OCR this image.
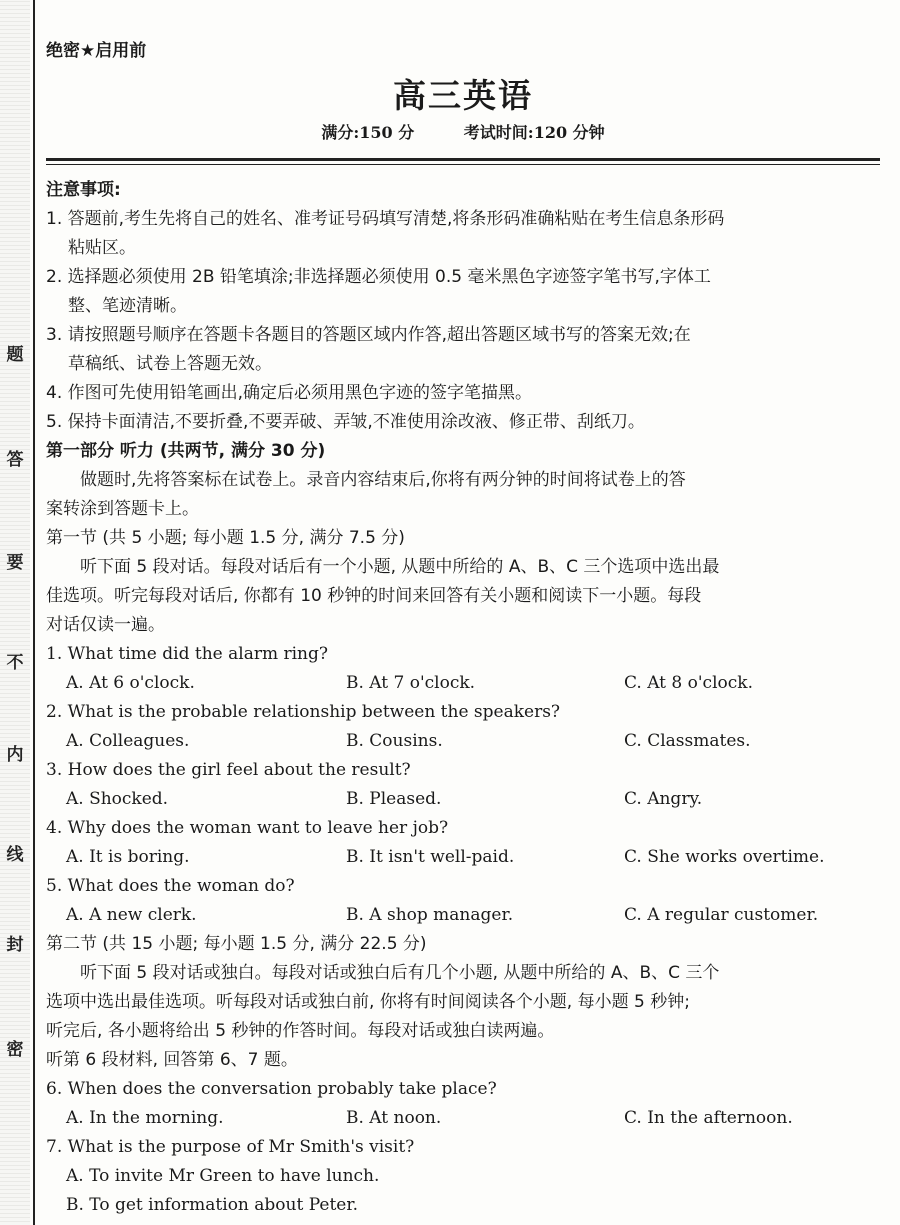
题
答
要
不
内
线
封
密
绝密★启用前
高三英语
满分:150 分	考试时间:120 分钟
注意事项:
1. 答题前,考生先将自己的姓名、准考证号码填写清楚,将条形码准确粘贴在考生信息条形码
粘贴区。
2. 选择题必须使用 2B 铅笔填涂;非选择题必须使用 0.5 毫米黑色字迹签字笔书写,字体工
整、笔迹清晰。
3. 请按照题号顺序在答题卡各题目的答题区域内作答,超出答题区域书写的答案无效;在
草稿纸、试卷上答题无效。
4. 作图可先使用铅笔画出,确定后必须用黑色字迹的签字笔描黑。
5. 保持卡面清洁,不要折叠,不要弄破、弄皱,不准使用涂改液、修正带、刮纸刀。
第一部分 听力 (共两节, 满分 30 分)
做题时,先将答案标在试卷上。录音内容结束后,你将有两分钟的时间将试卷上的答
案转涂到答题卡上。
第一节 (共 5 小题; 每小题 1.5 分, 满分 7.5 分)
听下面 5 段对话。每段对话后有一个小题, 从题中所给的 A、B、C 三个选项中选出最
佳选项。听完每段对话后, 你都有 10 秒钟的时间来回答有关小题和阅读下一小题。每段
对话仅读一遍。
1. What time did the alarm ring?
A. At 6 o'clock.	B. At 7 o'clock.	C. At 8 o'clock.
2. What is the probable relationship between the speakers?
A. Colleagues.	B. Cousins.	C. Classmates.
3. How does the girl feel about the result?
A. Shocked.	B. Pleased.	C. Angry.
4. Why does the woman want to leave her job?
A. It is boring.	B. It isn't well-paid.	C. She works overtime.
5. What does the woman do?
A. A new clerk.	B. A shop manager.	C. A regular customer.
第二节 (共 15 小题; 每小题 1.5 分, 满分 22.5 分)
听下面 5 段对话或独白。每段对话或独白后有几个小题, 从题中所给的 A、B、C 三个
选项中选出最佳选项。听每段对话或独白前, 你将有时间阅读各个小题, 每小题 5 秒钟;
听完后, 各小题将给出 5 秒钟的作答时间。每段对话或独白读两遍。
听第 6 段材料, 回答第 6、7 题。
6. When does the conversation probably take place?
A. In the morning.	B. At noon.	C. In the afternoon.
7. What is the purpose of Mr Smith's visit?
A. To invite Mr Green to have lunch.
B. To get information about Peter.
